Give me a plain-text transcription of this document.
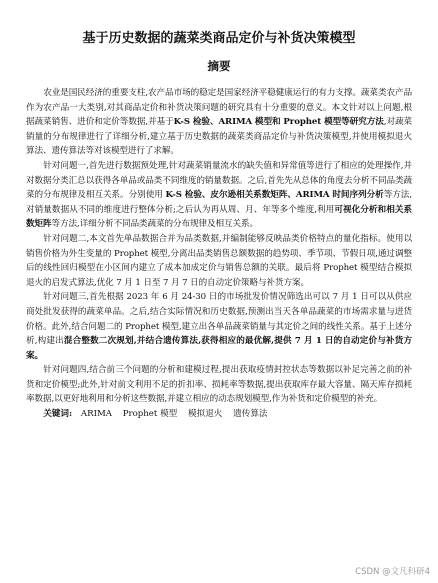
基于历史数据的蔬菜类商品定价与补货决策模型
摘要

农业是国民经济的重要支柱,农产品市场的稳定是国家经济平稳健康运行的有力支撑。蔬菜类农产品作为农产品一大类别,对其商品定价和补货决策问题的研究具有十分重要的意义。本文针对以上问题,根据蔬菜销售、进价和定价等数据,并基于K-S 检验、ARIMA 模型和 Prophet 模型等研究方法,对蔬菜销量的分布规律进行了详细分析,建立基于历史数据的蔬菜类商品定价与补货决策模型,并使用模拟退火算法、遗传算法等对该模型进行了求解。

针对问题一,首先进行数据预处理,针对蔬菜销量流水的缺失值和异常值等进行了相应的处理操作,并对数据分类汇总以获得各单品或品类不同维度的销量数据。之后,首先先从总体的角度去分析不同品类蔬菜的分布规律及相互关系。分别使用 K-S 检验、皮尔逊相关系数矩阵、ARIMA 时间序列分析等方法,对销量数据从不同的维度进行整体分析;之后认为再从周、月、年等多个维度,利用可视化分析和相关系数矩阵等方法,详细分析不同品类蔬菜的分布规律及相互关系。

针对问题二,本文首先单品数据合并为品类数据,并编制能够反映品类价格特点的量化指标。使用以销售价格为外生变量的 Prophet 模型,分离出品类销售总额数据的趋势项、季节项、节假日项,通过调整后的线性回归模型在小区间内建立了成本加成定价与销售总额的关联。最后将 Prophet 模型结合模拟退火的启发式算法,优化 7 月 1 日至 7 月 7 日的自动定价策略与补货方案。

针对问题三,首先根据 2023 年 6 月 24-30 日的市场批发价情况筛选出可以 7 月 1 日可以从供应商处批发获得的蔬菜单品。之后,结合实际情况和历史数据,预测出当天各单品蔬菜的市场需求量与进货价格。此外,结合问题二的 Prophet 模型,建立出各单品蔬菜销量与其定价之间的线性关系。基于上述分析,构建出混合整数二次规划,并结合遗传算法,获得相应的最优解,提供 7 月 1 日的自动定价与补货方案。

针对问题四,结合前三个问题的分析和建模过程,提出获取疫情封控状态等数据以补足完善之前的补货和定价模型;此外,针对前文利用不足的折扣率、损耗率等数据,提出获取库存最大容量、隔天库存损耗率数据,以更好地利用和分析这些数据,并建立相应的动态规划模型,作为补货和定价模型的补充。

关键词: ARIMA Prophet 模型 模拟退火 遗传算法

CSDN @文凡科研4
